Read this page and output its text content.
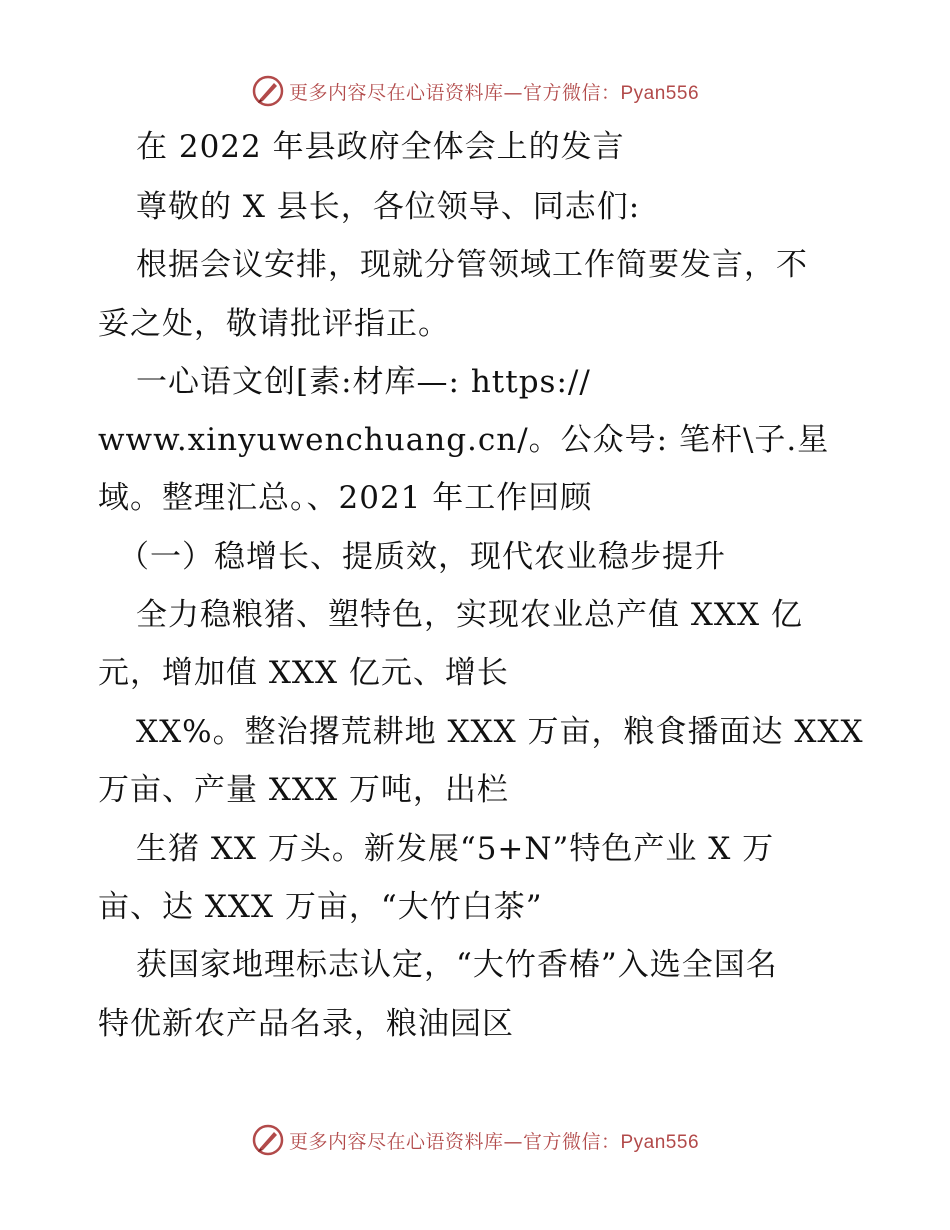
更多内容尽在心语资料库—官方微信：Pyan556
在 2022 年县政府全体会上的发言
尊敬的 X 县长，各位领导、同志们:
根据会议安排，现就分管领域工作简要发言，不
妥之处，敬请批评指正。
一心语文创[素:材库—: https://
www.xinyuwenchuang.cn/。公众号: 笔杆\子.星
域。整理汇总。、2021 年工作回顾
（一）稳增长、提质效，现代农业稳步提升
全力稳粮猪、塑特色，实现农业总产值 XXX 亿
元，增加值 XXX 亿元、增长
XX%。整治撂荒耕地 XXX 万亩，粮食播面达 XXX
万亩、产量 XXX 万吨，出栏
生猪 XX 万头。新发展“5+N”特色产业 X 万
亩、达 XXX 万亩，“大竹白茶”
获国家地理标志认定，“大竹香椿”入选全国名
特优新农产品名录，粮油园区
更多内容尽在心语资料库—官方微信：Pyan556
